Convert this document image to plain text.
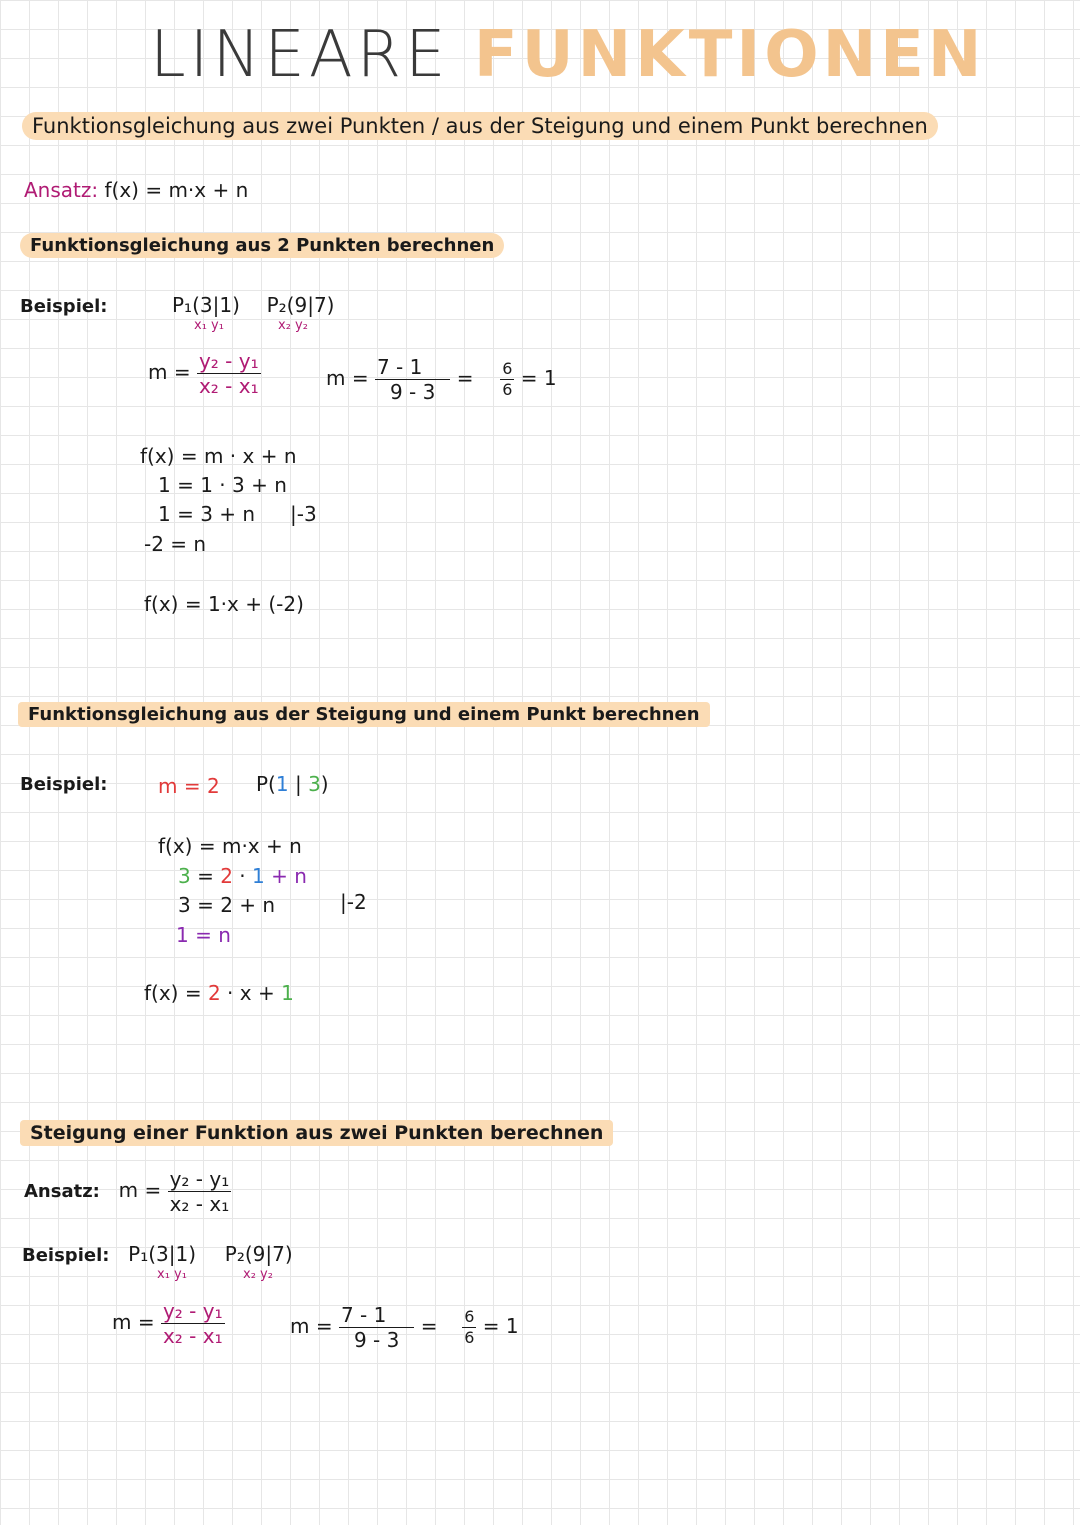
LINEARE FUNKTIONEN
Funktionsgleichung aus zwei Punkten / aus der Steigung und einem Punkt berechnen
Ansatz: f(x) = m·x + n
Funktionsgleichung aus 2 Punkten berechnen
Beispiel:	P₁(3|1) P₂(9|7)
x₁ y₁	x₂ y₂
$m = \frac{\text{y₂ - y₁}}{\text{x₂ - x₁}}$	$m = \frac{7 - 1}{9 - 3} = \frac{6}{6} = 1$
f(x) = m · x + n
1 = 1 · 3 + n
1 = 3 + n |-3
-2 = n
f(x) = 1·x + (-2)
Funktionsgleichung aus der Steigung und einem Punkt berechnen
Beispiel:	m = 2 P(1 | 3)
f(x) = m·x + n
3 = 2 · 1 + n
3 = 2 + n	|-2
1 = n
f(x) = 2 · x + 1
Steigung einer Funktion aus zwei Punkten berechnen
Ansatz: $m = \frac{\text{y₂ - y₁}}{\text{x₂ - x₁}}$
Beispiel: P₁(3|1) P₂(9|7)
x₁ y₁	x₂ y₂
$m = \frac{\text{y₂ - y₁}}{\text{x₂ - x₁}}$	$m = \frac{7 - 1}{9 - 3} = \frac{6}{6} = 1$
